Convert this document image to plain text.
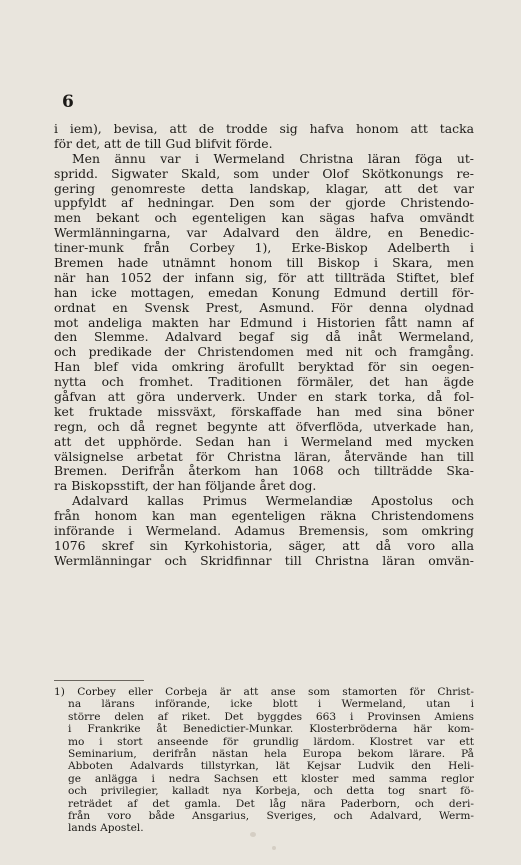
6
i iem), bevisa, att de trodde sig hafva honom att tacka
för det, att de till Gud blifvit förde.
Men ännu var i Wermeland Christna läran föga ut-
spridd. Sigwater Skald, som under Olof Skötkonungs re-
gering genomreste detta landskap, klagar, att det var
uppfyldt af hedningar. Den som der gjorde Christendo-
men bekant och egenteligen kan sägas hafva omvändt
Wermlänningarna, var Adalvard den äldre, en Benedic-
tiner-munk från Corbey 1), Erke-Biskop Adelberth i
Bremen hade utnämnt honom till Biskop i Skara, men
när han 1052 der infann sig, för att tillträda Stiftet, blef
han icke mottagen, emedan Konung Edmund dertill för-
ordnat en Svensk Prest, Asmund. För denna olydnad
mot andeliga makten har Edmund i Historien fått namn af
den Slemme. Adalvard begaf sig då inåt Wermeland,
och predikade der Christendomen med nit och framgång.
Han blef vida omkring ärofullt beryktad för sin oegen-
nytta och fromhet. Traditionen förmäler, det han ägde
gåfvan att göra underverk. Under en stark torka, då fol-
ket fruktade missväxt, förskaffade han med sina böner
regn, och då regnet begynte att öfverflöda, utverkade han,
att det upphörde. Sedan han i Wermeland med mycken
välsignelse arbetat för Christna läran, återvände han till
Bremen. Derifrån återkom han 1068 och tillträdde Ska-
ra Biskopsstift, der han följande året dog.
Adalvard kallas Primus Wermelandiæ Apostolus och
från honom kan man egenteligen räkna Christendomens
införande i Wermeland. Adamus Bremensis, som omkring
1076 skref sin Kyrkohistoria, säger, att då voro alla
Wermlänningar och Skridfinnar till Christna läran omvän-
1) Corbey eller Corbeja är att anse som stamorten för Christ-
na lärans införande, icke blott i Wermeland, utan i
större delen af riket. Det byggdes 663 i Provinsen Amiens
i Frankrike åt Benedictier-Munkar. Klosterbröderna här kom-
mo i stort anseende för grundlig lärdom. Klostret var ett
Seminarium, derifrån nästan hela Europa bekom lärare. På
Abboten Adalvards tillstyrkan, lät Kejsar Ludvik den Heli-
ge anlägga i nedra Sachsen ett kloster med samma reglor
och privilegier, kalladt nya Korbeja, och detta tog snart fö-
reträdet af det gamla. Det låg nära Paderborn, och deri-
från voro både Ansgarius, Sveriges, och Adalvard, Werm-
lands Apostel.
